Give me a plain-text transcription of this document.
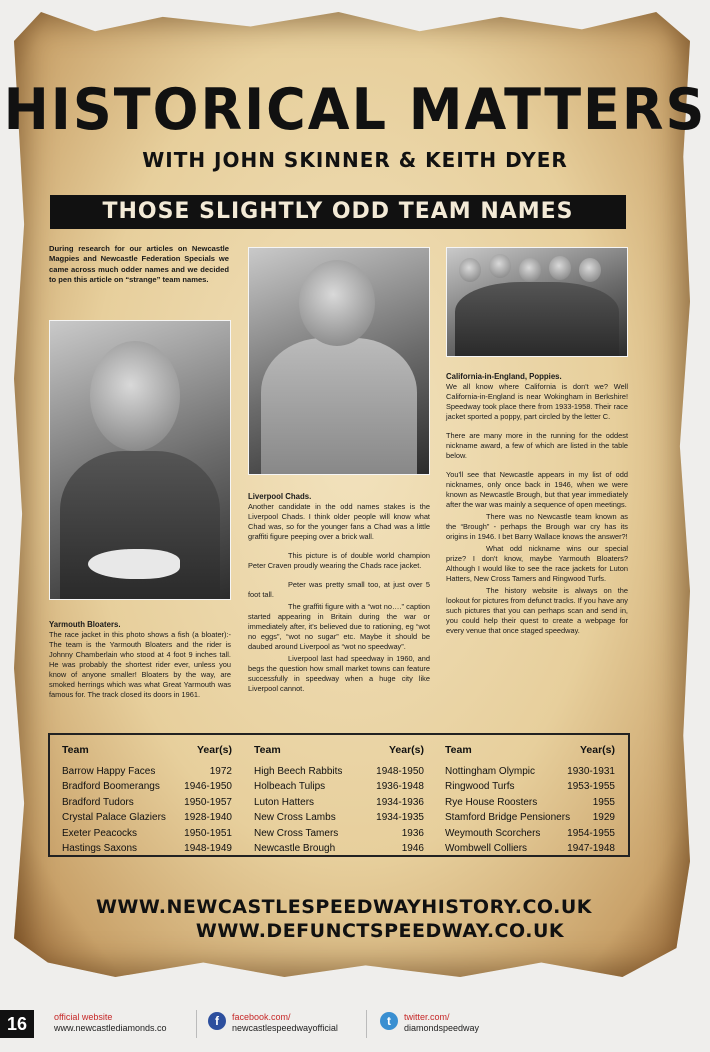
HISTORICAL MATTERS
WITH JOHN SKINNER & KEITH DYER
THOSE SLIGHTLY ODD TEAM NAMES
During research for our articles on Newcastle Magpies and Newcastle Federation Specials we came across much odder names and we decided to pen this article on “strange” team names.
Yarmouth Bloaters.

The race jacket in this photo shows a fish (a bloater):- The team is the Yarmouth Bloaters and the rider is Johnny Chamberlain who stood at 4 foot 9 inches tall. He was probably the shortest rider ever, unless you know of anyone smaller! Bloaters by the way, are smoked herrings which was what Great Yarmouth was famous for. The track closed its doors in 1961.

Liverpool Chads.

Another candidate in the odd names stakes is the Liverpool Chads. I think older people will know what Chad was, so for the younger fans a Chad was a little graffiti figure peeping over a brick wall.

This picture is of double world champion Peter Craven proudly wearing the Chads race jacket.

Peter was pretty small too, at just over 5 foot tall.

The graffiti figure with a “wot no….” caption started appearing in Britain during the war or immediately after, it's believed due to rationing, eg “wot no eggs”, “wot no sugar” etc. Maybe it should be daubed around Liverpool as “wot no speedway”.

Liverpool last had speedway in 1960, and begs the question how small market towns can feature successfully in speedway when a huge city like Liverpool cannot.

California-in-England, Poppies.

We all know where California is don't we? Well California-in-England is near Wokingham in Berkshire! Speedway took place there from 1933-1958. Their race jacket sported a poppy, part circled by the letter C.

There are many more in the running for the oddest nickname award, a few of which are listed in the table below.

You'll see that Newcastle appears in my list of odd nicknames, only once back in 1946, when we were known as Newcastle Brough, but that year immediately after the war was mainly a sequence of open meetings.

There was no Newcastle team known as the “Brough” - perhaps the Brough war cry has its origins in 1946. I bet Barry Wallace knows the answer?!

What odd nickname wins our special prize? I don't know, maybe Yarmouth Bloaters? Although I would like to see the race jackets for Luton Hatters, New Cross Tamers and Ringwood Turfs.

The history website is always on the lookout for pictures from defunct tracks. If you have any such pictures that you can perhaps scan and send in, you could help their quest to create a webpage for every venue that once staged speedway.

Team	Year(s)
Barrow Happy Faces	1972
Bradford Boomerangs 1946-1950
Bradford Tudors	1950-1957
Crystal Palace Glaziers 1928-1940
Exeter Peacocks	1950-1951
Hastings Saxons	1948-1949
Team	Year(s)
High Beech Rabbits	1948-1950
Holbeach Tulips	1936-1948
Luton Hatters	1934-1936
New Cross Lambs	1934-1935
New Cross Tamers	1936
Newcastle Brough	1946
Team	Year(s)
Nottingham Olympic	1930-1931
Ringwood Turfs	1953-1955
Rye House Roosters	1955
Stamford Bridge Pensioners 1929
Weymouth Scorchers	1954-1955
Wombwell Colliers	1947-1948
WWW.NEWCASTLESPEEDWAYHISTORY.CO.UK
WWW.DEFUNCTSPEEDWAY.CO.UK
16	official website
www.newcastlediamonds.co	f	facebook.com/
newcastlespeedwayofficial	t	twitter.com/
diamondspeedway
